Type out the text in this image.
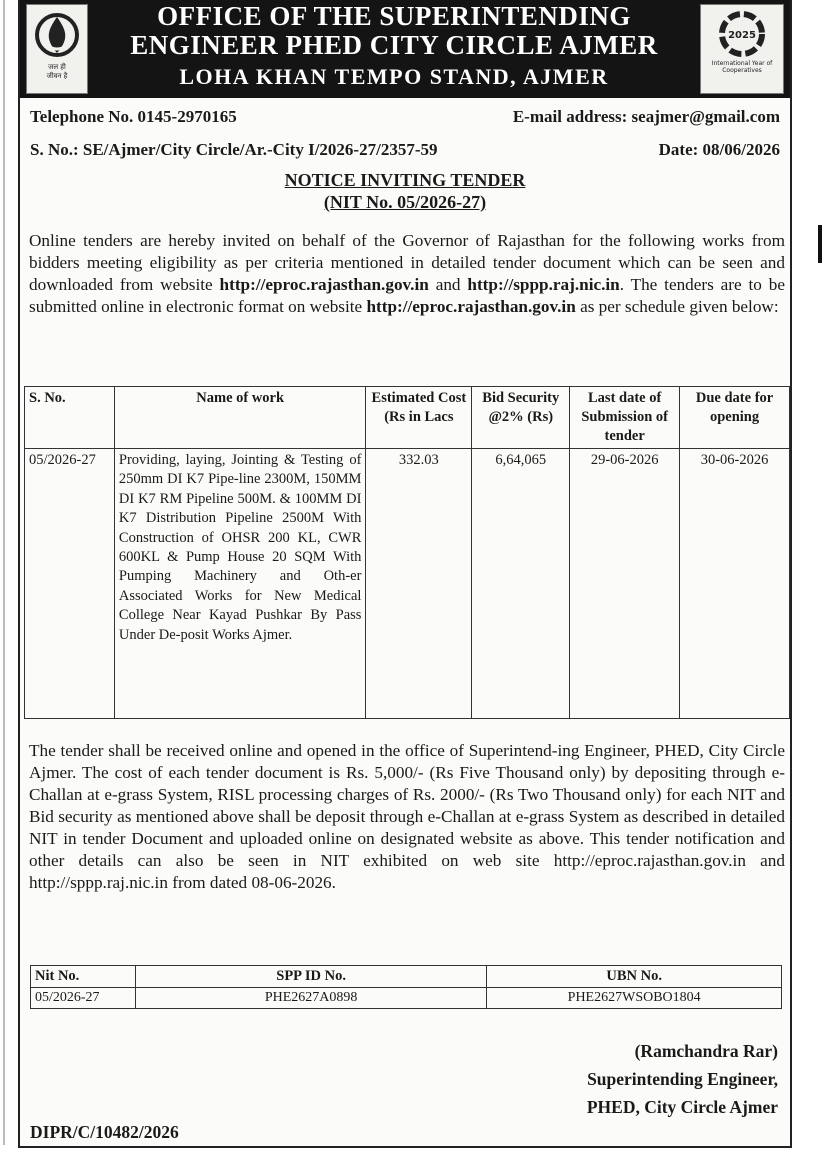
जल ही
जीवन है
OFFICE OF THE SUPERINTENDING
ENGINEER PHED CITY CIRCLE AJMER
LOHA KHAN TEMPO STAND, AJMER
2025
International Year of Cooperatives
Telephone No. 0145-2970165	E-mail address: seajmer@gmail.com
S. No.: SE/Ajmer/City Circle/Ar.-City I/2026-27/2357-59	Date: 08/06/2026
NOTICE INVITING TENDER
(NIT No. 05/2026-27)
Online tenders are hereby invited on behalf of the Governor of Rajasthan for the following works from bidders meeting eligibility as per criteria mentioned in detailed tender document which can be seen and downloaded from website http://eproc.rajasthan.gov.in and http://sppp.raj.nic.in. The tenders are to be submitted online in electronic format on website http://eproc.rajasthan.gov.in as per schedule given below:
S. No.	Name of work	Estimated Cost (Rs in Lacs	Bid Security @2% (Rs)	Last date of Submission of tender	Due date for opening
05/2026-27	Providing, laying, Jointing & Testing of 250mm DI K7 Pipe-line 2300M, 150MM DI K7 RM Pipeline 500M. & 100MM DI K7 Distribution Pipeline 2500M With Construction of OHSR 200 KL, CWR 600KL & Pump House 20 SQM With Pumping Machinery and Oth-er Associated Works for New Medical College Near Kayad Pushkar By Pass Under De-posit Works Ajmer.	332.03	6,64,065	29-06-2026	30-06-2026
The tender shall be received online and opened in the office of Superintend-ing Engineer, PHED, City Circle Ajmer. The cost of each tender document is Rs. 5,000/- (Rs Five Thousand only) by depositing through e-Challan at e-grass System, RISL processing charges of Rs. 2000/- (Rs Two Thousand only) for each NIT and Bid security as mentioned above shall be deposit through e-Challan at e-grass System as described in detailed NIT in tender Document and uploaded online on designated website as above. This tender notification and other details can also be seen in NIT exhibited on web site http://eproc.rajasthan.gov.in and http://sppp.raj.nic.in from dated 08-06-2026.
Nit No.	SPP ID No.	UBN No.
05/2026-27	PHE2627A0898	PHE2627WSOBO1804
(Ramchandra Rar)
Superintending Engineer,
PHED, City Circle Ajmer
DIPR/C/10482/2026
